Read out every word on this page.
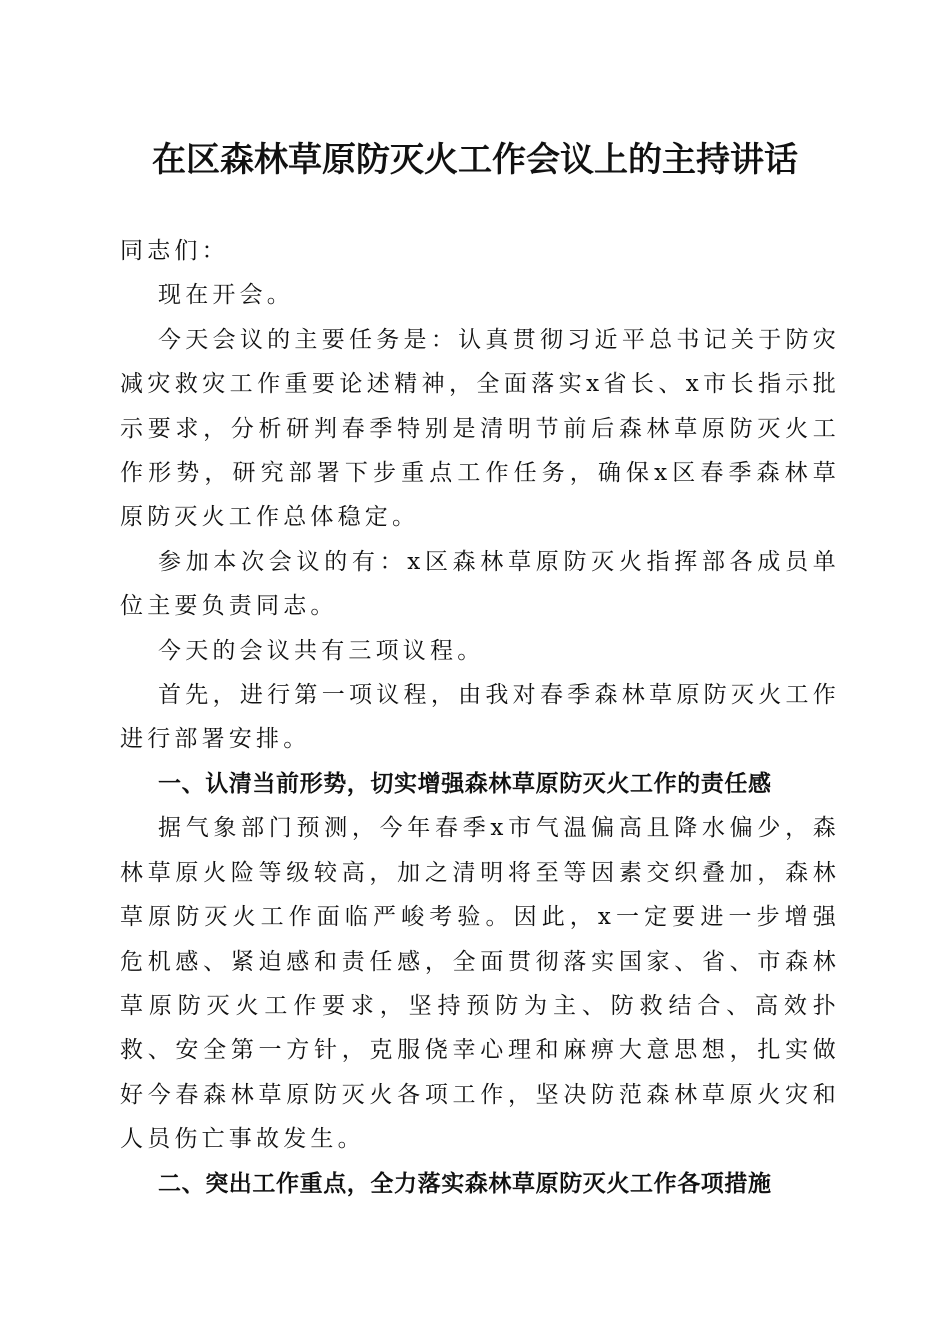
在区森林草原防灭火工作会议上的主持讲话

同志们：

现在开会。

今天会议的主要任务是：认真贯彻习近平总书记关于防灾减灾救灾工作重要论述精神，全面落实x省长、x市长指示批示要求，分析研判春季特别是清明节前后森林草原防灭火工作形势，研究部署下步重点工作任务，确保x区春季森林草原防灭火工作总体稳定。

参加本次会议的有：x区森林草原防灭火指挥部各成员单位主要负责同志。

今天的会议共有三项议程。

首先，进行第一项议程，由我对春季森林草原防灭火工作进行部署安排。

一、认清当前形势，切实增强森林草原防灭火工作的责任感

据气象部门预测，今年春季x市气温偏高且降水偏少，森林草原火险等级较高，加之清明将至等因素交织叠加，森林草原防灭火工作面临严峻考验。因此，x一定要进一步增强危机感、紧迫感和责任感，全面贯彻落实国家、省、市森林草原防灭火工作要求，坚持预防为主、防救结合、高效扑救、安全第一方针，克服侥幸心理和麻痹大意思想，扎实做好今春森林草原防灭火各项工作，坚决防范森林草原火灾和人员伤亡事故发生。

二、突出工作重点，全力落实森林草原防灭火工作各项措施
